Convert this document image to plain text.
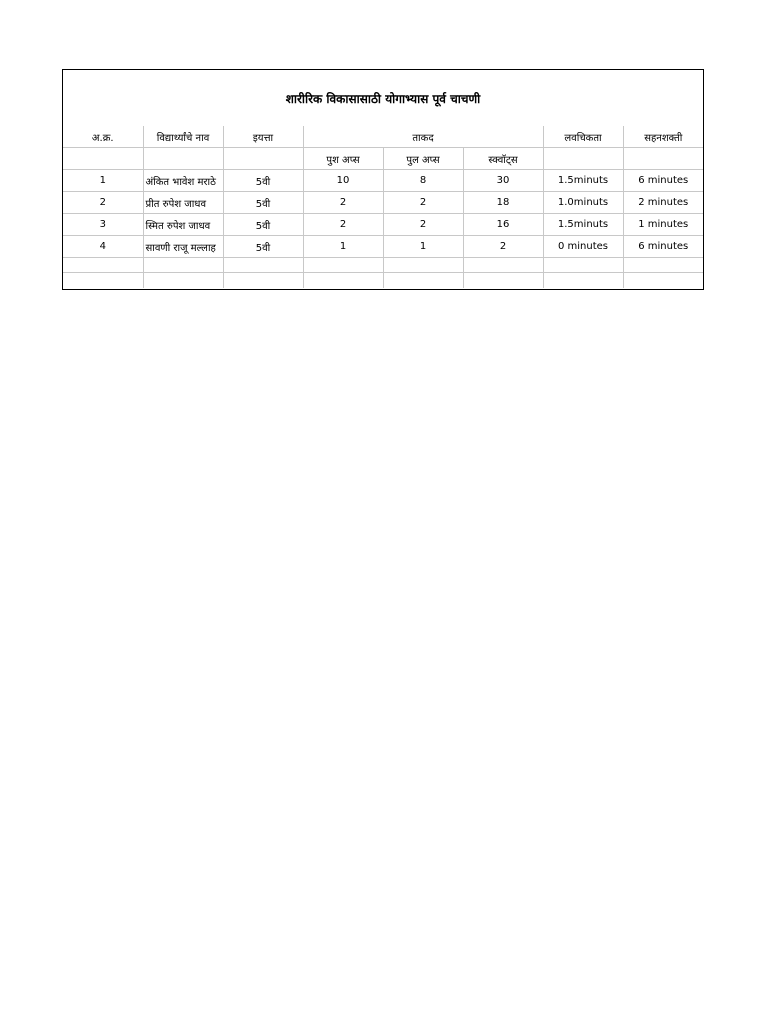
शारीरिक विकासासाठी योगाभ्यास पूर्व चाचणी
अ.क्र.	विद्यार्थ्यांचे नाव	इयत्ता	ताकद			लवचिकता	सहनशक्ती
			पुश अप्स	पुल अप्स	स्क्वॉट्स		
1	अंकित भावेश मराठे	5वी	10	8	30	1.5minuts	6 minutes
2	प्रीत रुपेश जाधव	5वी	2	2	18	1.0minuts	2 minutes
3	स्मित रुपेश जाधव	5वी	2	2	16	1.5minuts	1 minutes
4	सावणी राजू मल्लाह	5वी	1	1	2	0 minutes	6 minutes
